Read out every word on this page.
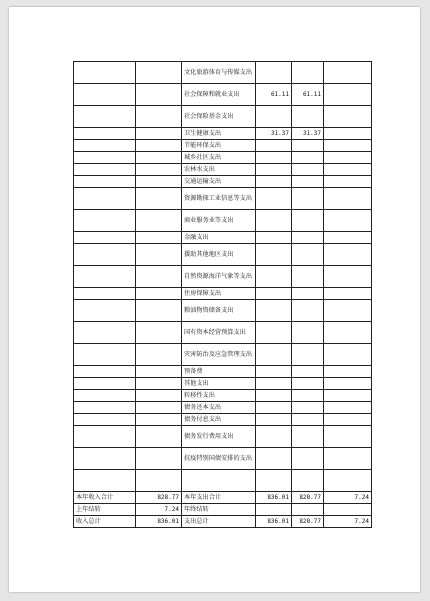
		文化旅游体育与传媒支出			
		社会保障和就业支出	61.11	61.11	
		社会保险基金支出			
		卫生健康支出	31.37	31.37	
		节能环保支出			
		城乡社区支出			
		农林水支出			
		交通运输支出			
		资源勘探工业信息等支出			
		商业服务业等支出			
		金融支出			
		援助其他地区支出			
		自然资源海洋气象等支出			
		住房保障支出			
		粮油物资储备支出			
		国有资本经营预算支出			
		灾害防治及应急管理支出			
		预备费			
		其他支出			
		转移性支出			
		债务还本支出			
		债务付息支出			
		债务发行费用支出			
		抗疫特别国债安排的支出			

本年收入合计	828.77	本年支出合计	836.01	828.77	7.24
上年结转	7.24	年终结转			
收入总计	836.01	支出总计	836.01	828.77	7.24
